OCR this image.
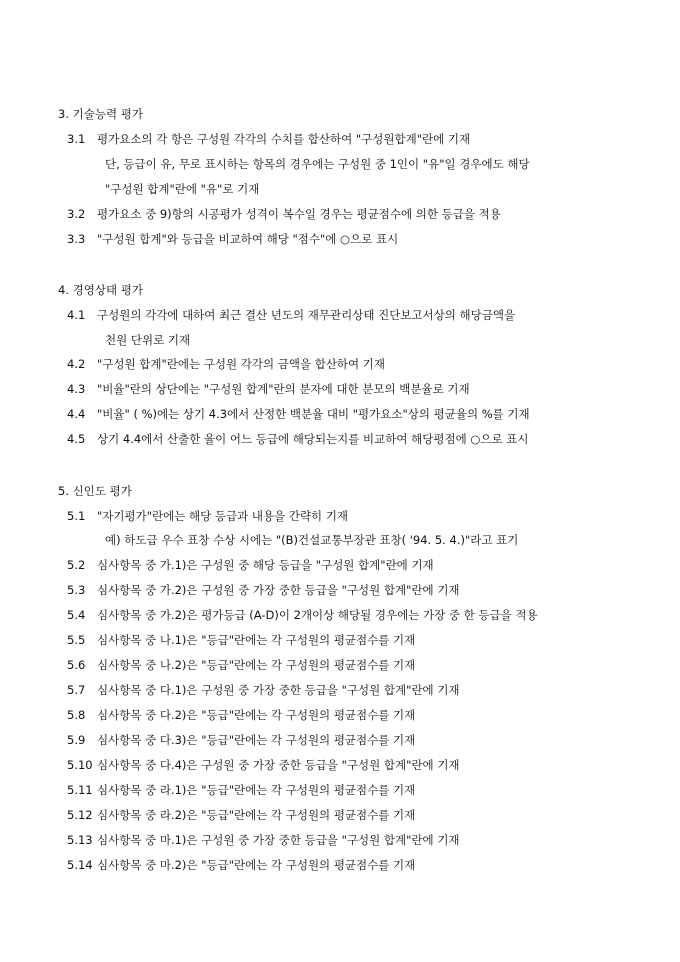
3. 기술능력 평가
3.1 평가요소의 각 항은 구성원 각각의 수치를 합산하여 "구성원합계"란에 기재
단, 등급이 유, 무로 표시하는 항목의 경우에는 구성원 중 1인이 "유"일 경우에도 해당
"구성원 합계"란에 "유"로 기재
3.2 평가요소 중 9)항의 시공평가 성격이 복수일 경우는 평균점수에 의한 등급을 적용
3.3 "구성원 합계"와 등급을 비교하여 해당 "점수"에 ○으로 표시
4. 경영상태 평가
4.1 구성원의 각각에 대하여 최근 결산 년도의 재무관리상태 진단보고서상의 해당금액을
천원 단위로 기재
4.2 "구성원 합계"란에는 구성원 각각의 금액을 합산하여 기재
4.3 "비율"란의 상단에는 "구성원 합계"란의 분자에 대한 분모의 백분율로 기재
4.4 "비율" ( %)에는 상기 4.3에서 산정한 백분율 대비 "평가요소"상의 평균율의 %를 기재
4.5 상기 4.4에서 산출한 율이 어느 등급에 해당되는지를 비교하여 해당평점에 ○으로 표시
5. 신인도 평가
5.1 "자기평가"란에는 해당 등급과 내용을 간략히 기재
예) 하도급 우수 표창 수상 시에는 "(B)건설교통부장관 표창( '94. 5. 4.)"라고 표기
5.2 심사항목 중 가.1)은 구성원 중 해당 등급을 "구성원 합계"란에 기재
5.3 심사항목 중 가.2)은 구성원 중 가장 중한 등급을 "구성원 합계"란에 기재
5.4 심사항목 중 가.2)은 평가등급 (A-D)이 2개이상 해당될 경우에는 가장 중 한 등급을 적용
5.5 심사항목 중 나.1)은 "등급"란에는 각 구성원의 평균점수를 기재
5.6 심사항목 중 나.2)은 "등급"란에는 각 구성원의 평균점수를 기재
5.7 심사항목 중 다.1)은 구성원 중 가장 중한 등급을 "구성원 합계"란에 기재
5.8 심사항목 중 다.2)은 "등급"란에는 각 구성원의 평균점수를 기재
5.9 심사항목 중 다.3)은 "등급"란에는 각 구성원의 평균점수를 기재
5.10 심사항목 중 다.4)은 구성원 중 가장 중한 등급을 "구성원 합계"란에 기재
5.11 심사항목 중 라.1)은 "등급"란에는 각 구성원의 평균점수를 기재
5.12 심사항목 중 라.2)은 "등급"란에는 각 구성원의 평균점수를 기재
5.13 심사항목 중 마.1)은 구성원 중 가장 중한 등급을 "구성원 합계"란에 기재
5.14 심사항목 중 마.2)은 "등급"란에는 각 구성원의 평균점수를 기재
